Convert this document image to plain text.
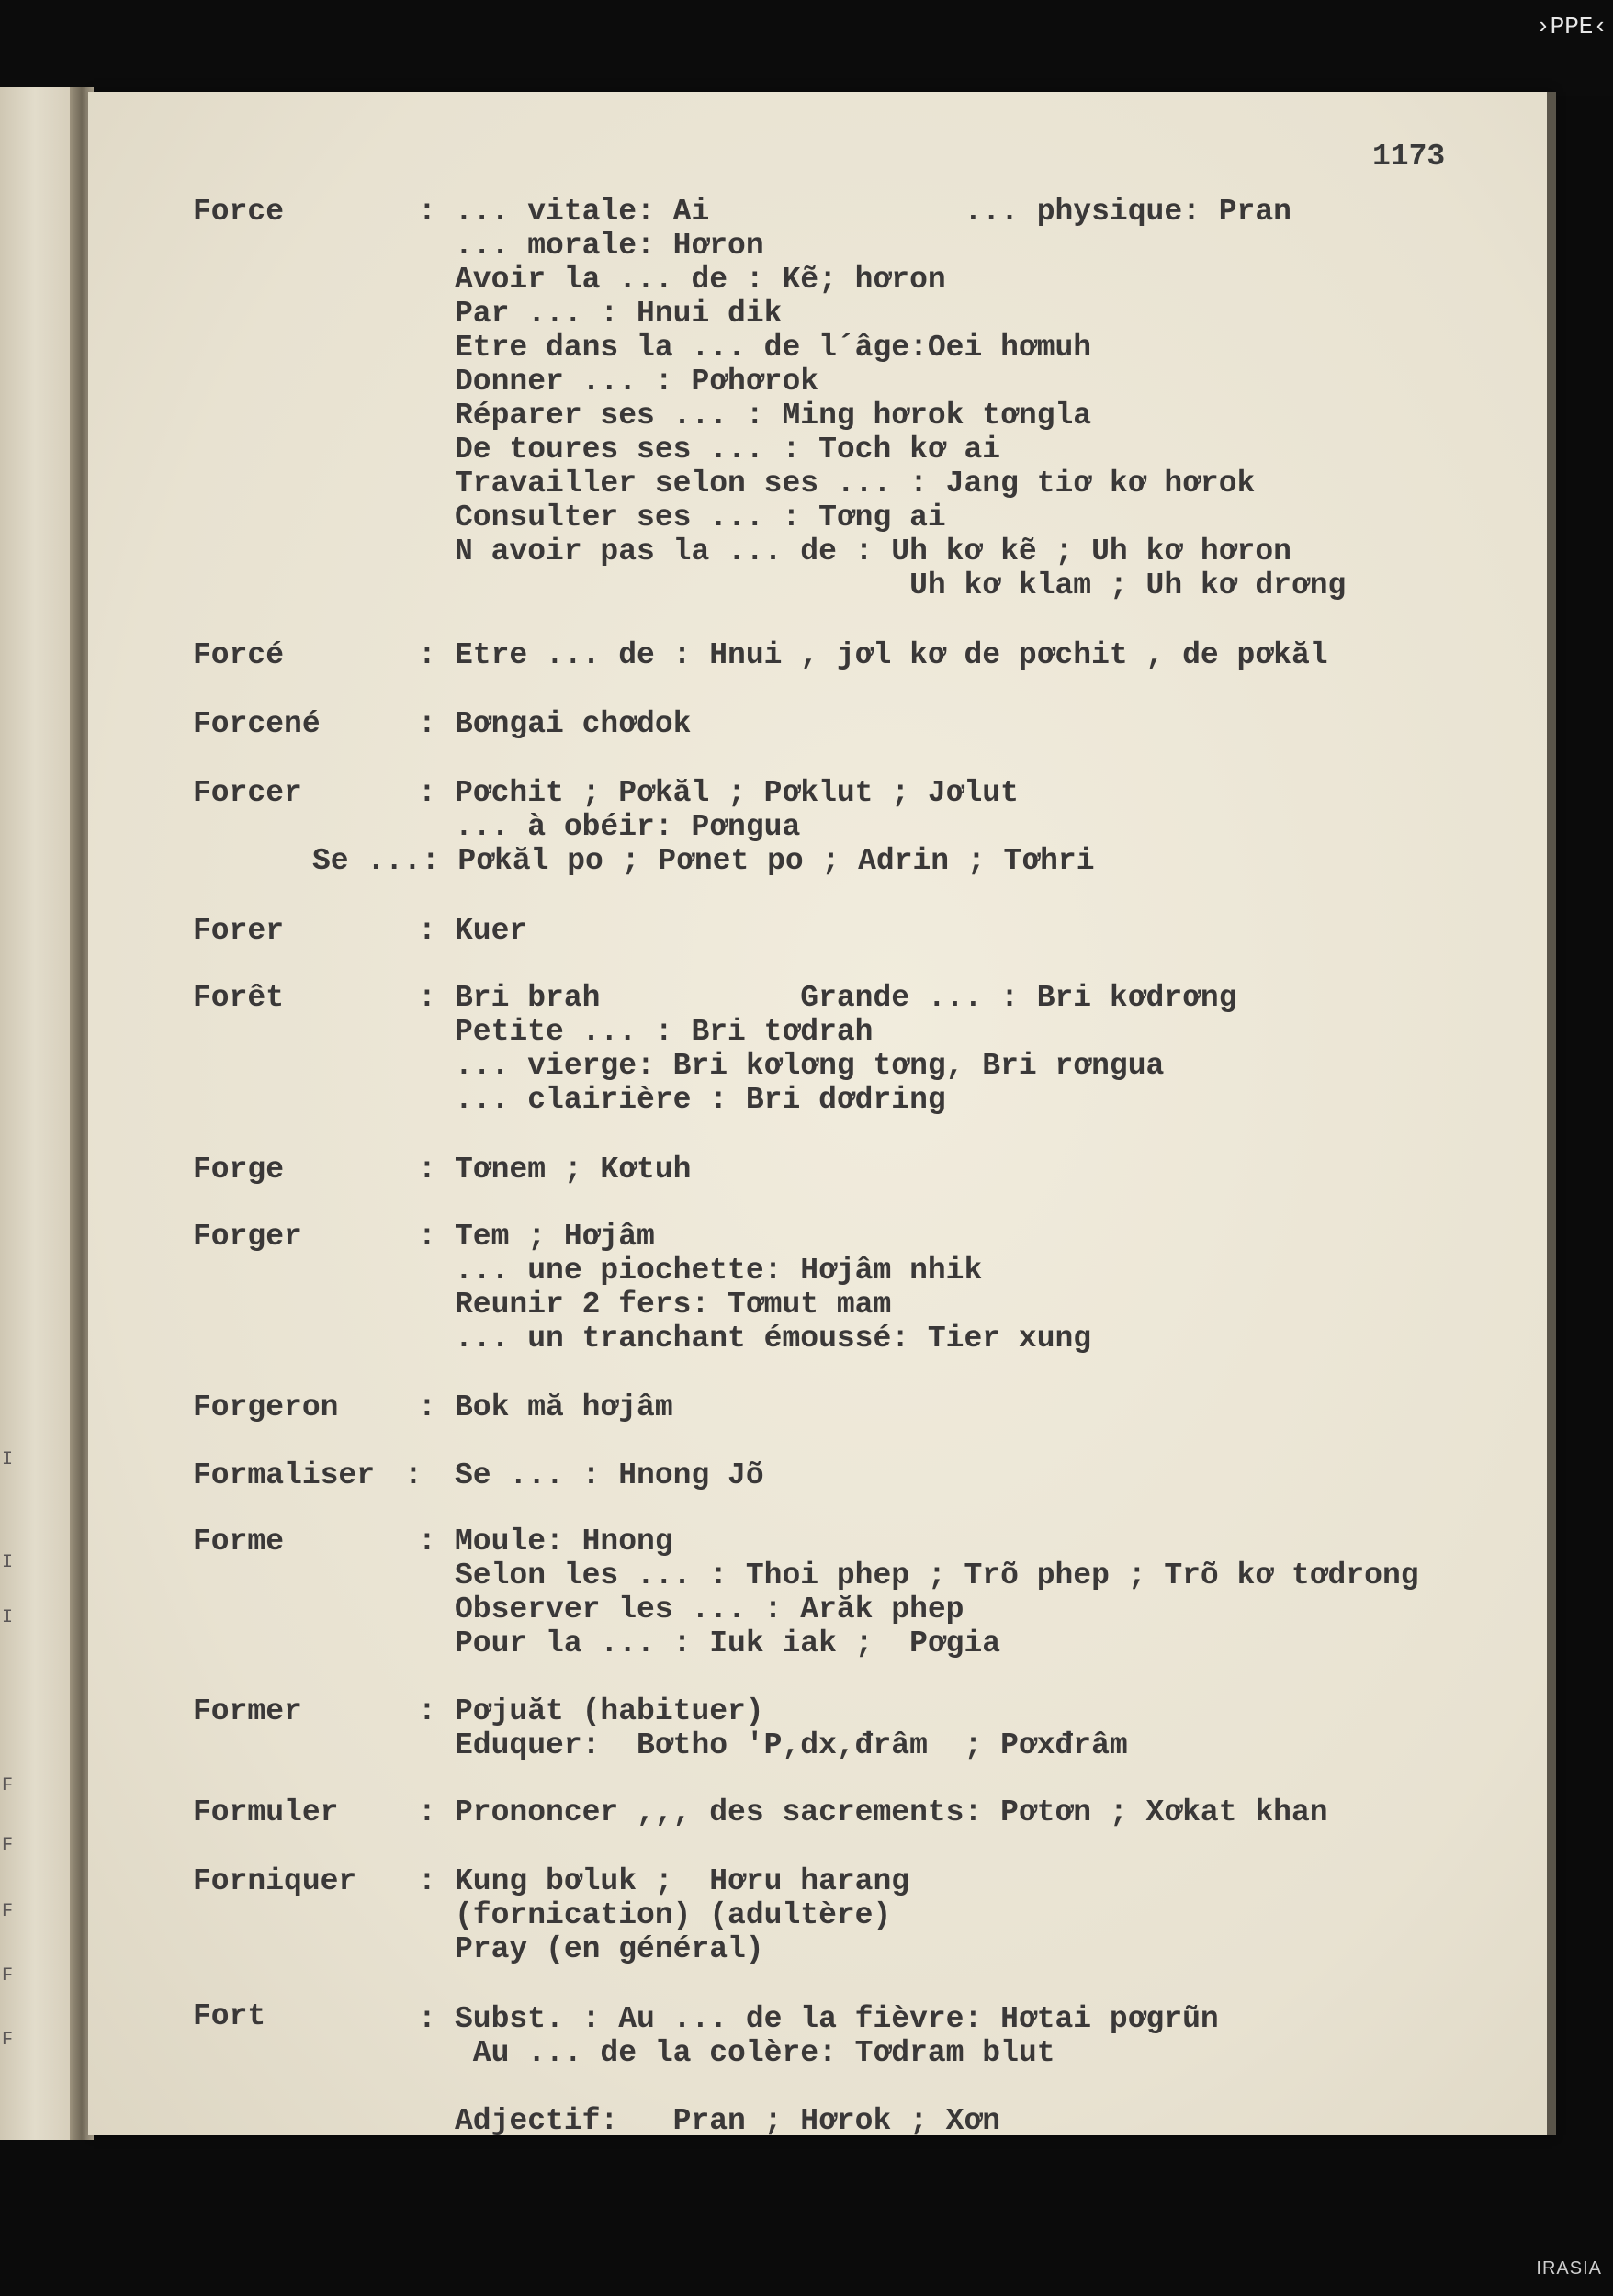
I
I
I
F
F
F
F
F
›PPE‹
IRASIA
1173
Force	: ... vitale: Ai              ... physique: Pran
... morale: Hơron
Avoir la ... de : Kẽ; hơron
Par ... : Hnui dik
Etre dans la ... de l´âge:Oei hơmuh
Donner ... : Pơhơrok
Réparer ses ... : Ming hơrok tơngla
De toures ses ... : Toch kơ ai
Travailler selon ses ... : Jang tiơ kơ hơrok
Consulter ses ... : Tơng ai
N avoir pas la ... de : Uh kơ kẽ ; Uh kơ hơron
Uh kơ klam ; Uh kơ drơng
Forcé	: Etre ... de : Hnui , jơl kơ de pơchit , de pơkăl
Forcené	: Bơngai chơdok
Forcer	: Pơchit ; Pơkăl ; Pơklut ; Jơlut
... à obéir: Pơngua
Se ...: Pơkăl po ; Pơnet po ; Adrin ; Tơhri
Forer	: Kuer
Forêt	: Bri brah           Grande ... : Bri kơdrơng
Petite ... : Bri tơdrah
... vierge: Bri kơlơng tơng, Bri rơngua
... clairière : Bri dơdring
Forge	: Tơnem ; Kơtuh
Forger	: Tem ; Hơjâm
... une piochette: Hơjâm nhik
Reunir 2 fers: Tơmut mam
... un tranchant émoussé: Tier xung
Forgeron	: Bok mă hơjâm
Formaliser : Se ... : Hnong Jõ
Forme	: Moule: Hnong
Selon les ... : Thoi phep ; Trõ phep ; Trõ kơ tơdrong
Observer les ... : Arăk phep
Pour la ... : Iuk iak ;  Pơgia
Former	: Pơjuăt (habituer)
Eduquer:  Bơtho 'P,dx,đrâm  ; Pơxđrâm
Formuler	: Prononcer ,,, des sacrements: Pơtơn ; Xơkat khan
Forniquer : Kung bơluk ;  Hơru harang
(fornication) (adultère)
Pray (en général)
Fort	: Subst. : Au ... de la fièvre: Hơtai pơgrũn
Au ... de la colère: Tơdram blut
Adjectif:   Pran ; Hơrok ; Xơn
